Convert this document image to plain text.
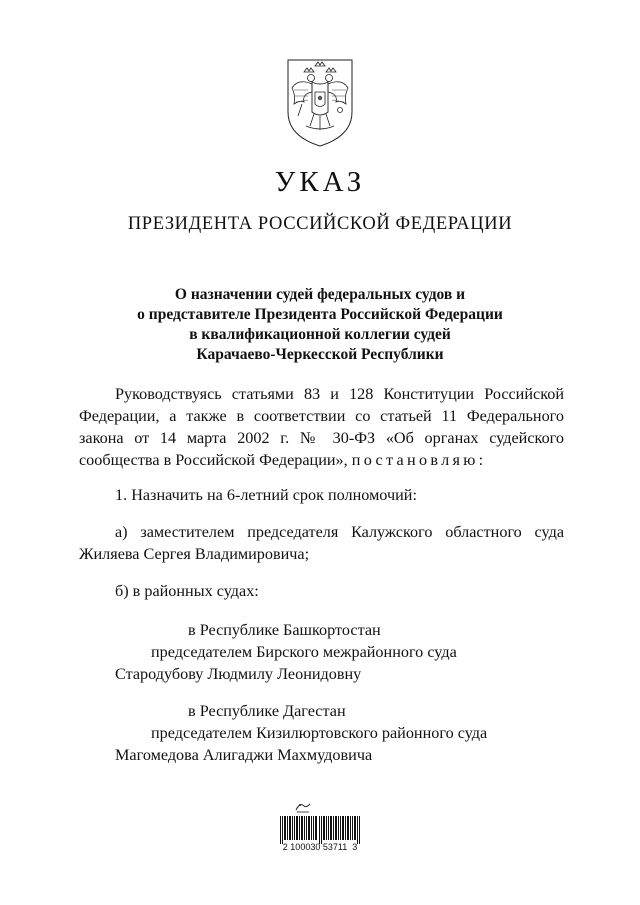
УКАЗ
ПРЕЗИДЕНТА РОССИЙСКОЙ ФЕДЕРАЦИИ
О назначении судей федеральных судов и
о представителе Президента Российской Федерации
в квалификационной коллегии судей
Карачаево-Черкесской Республики
Руководствуясь статьями 83 и 128 Конституции Российской
Федерации, а также в соответствии со статьей 11 Федерального
закона от 14 марта 2002 г. № 30-ФЗ «Об органах судейского
сообщества в Российской Федерации», постановляю:
1. Назначить на 6-летний срок полномочий:
а) заместителем председателя Калужского областного суда
Жиляева Сергея Владимировича;
б) в районных судах:
в Республике Башкортостан
председателем Бирского межрайонного суда
Стародубову Людмилу Леонидовну
в Республике Дагестан
председателем Кизилюртовского районного суда
Магомедова Алигаджи Махмудовича
2 100030 53711  3
